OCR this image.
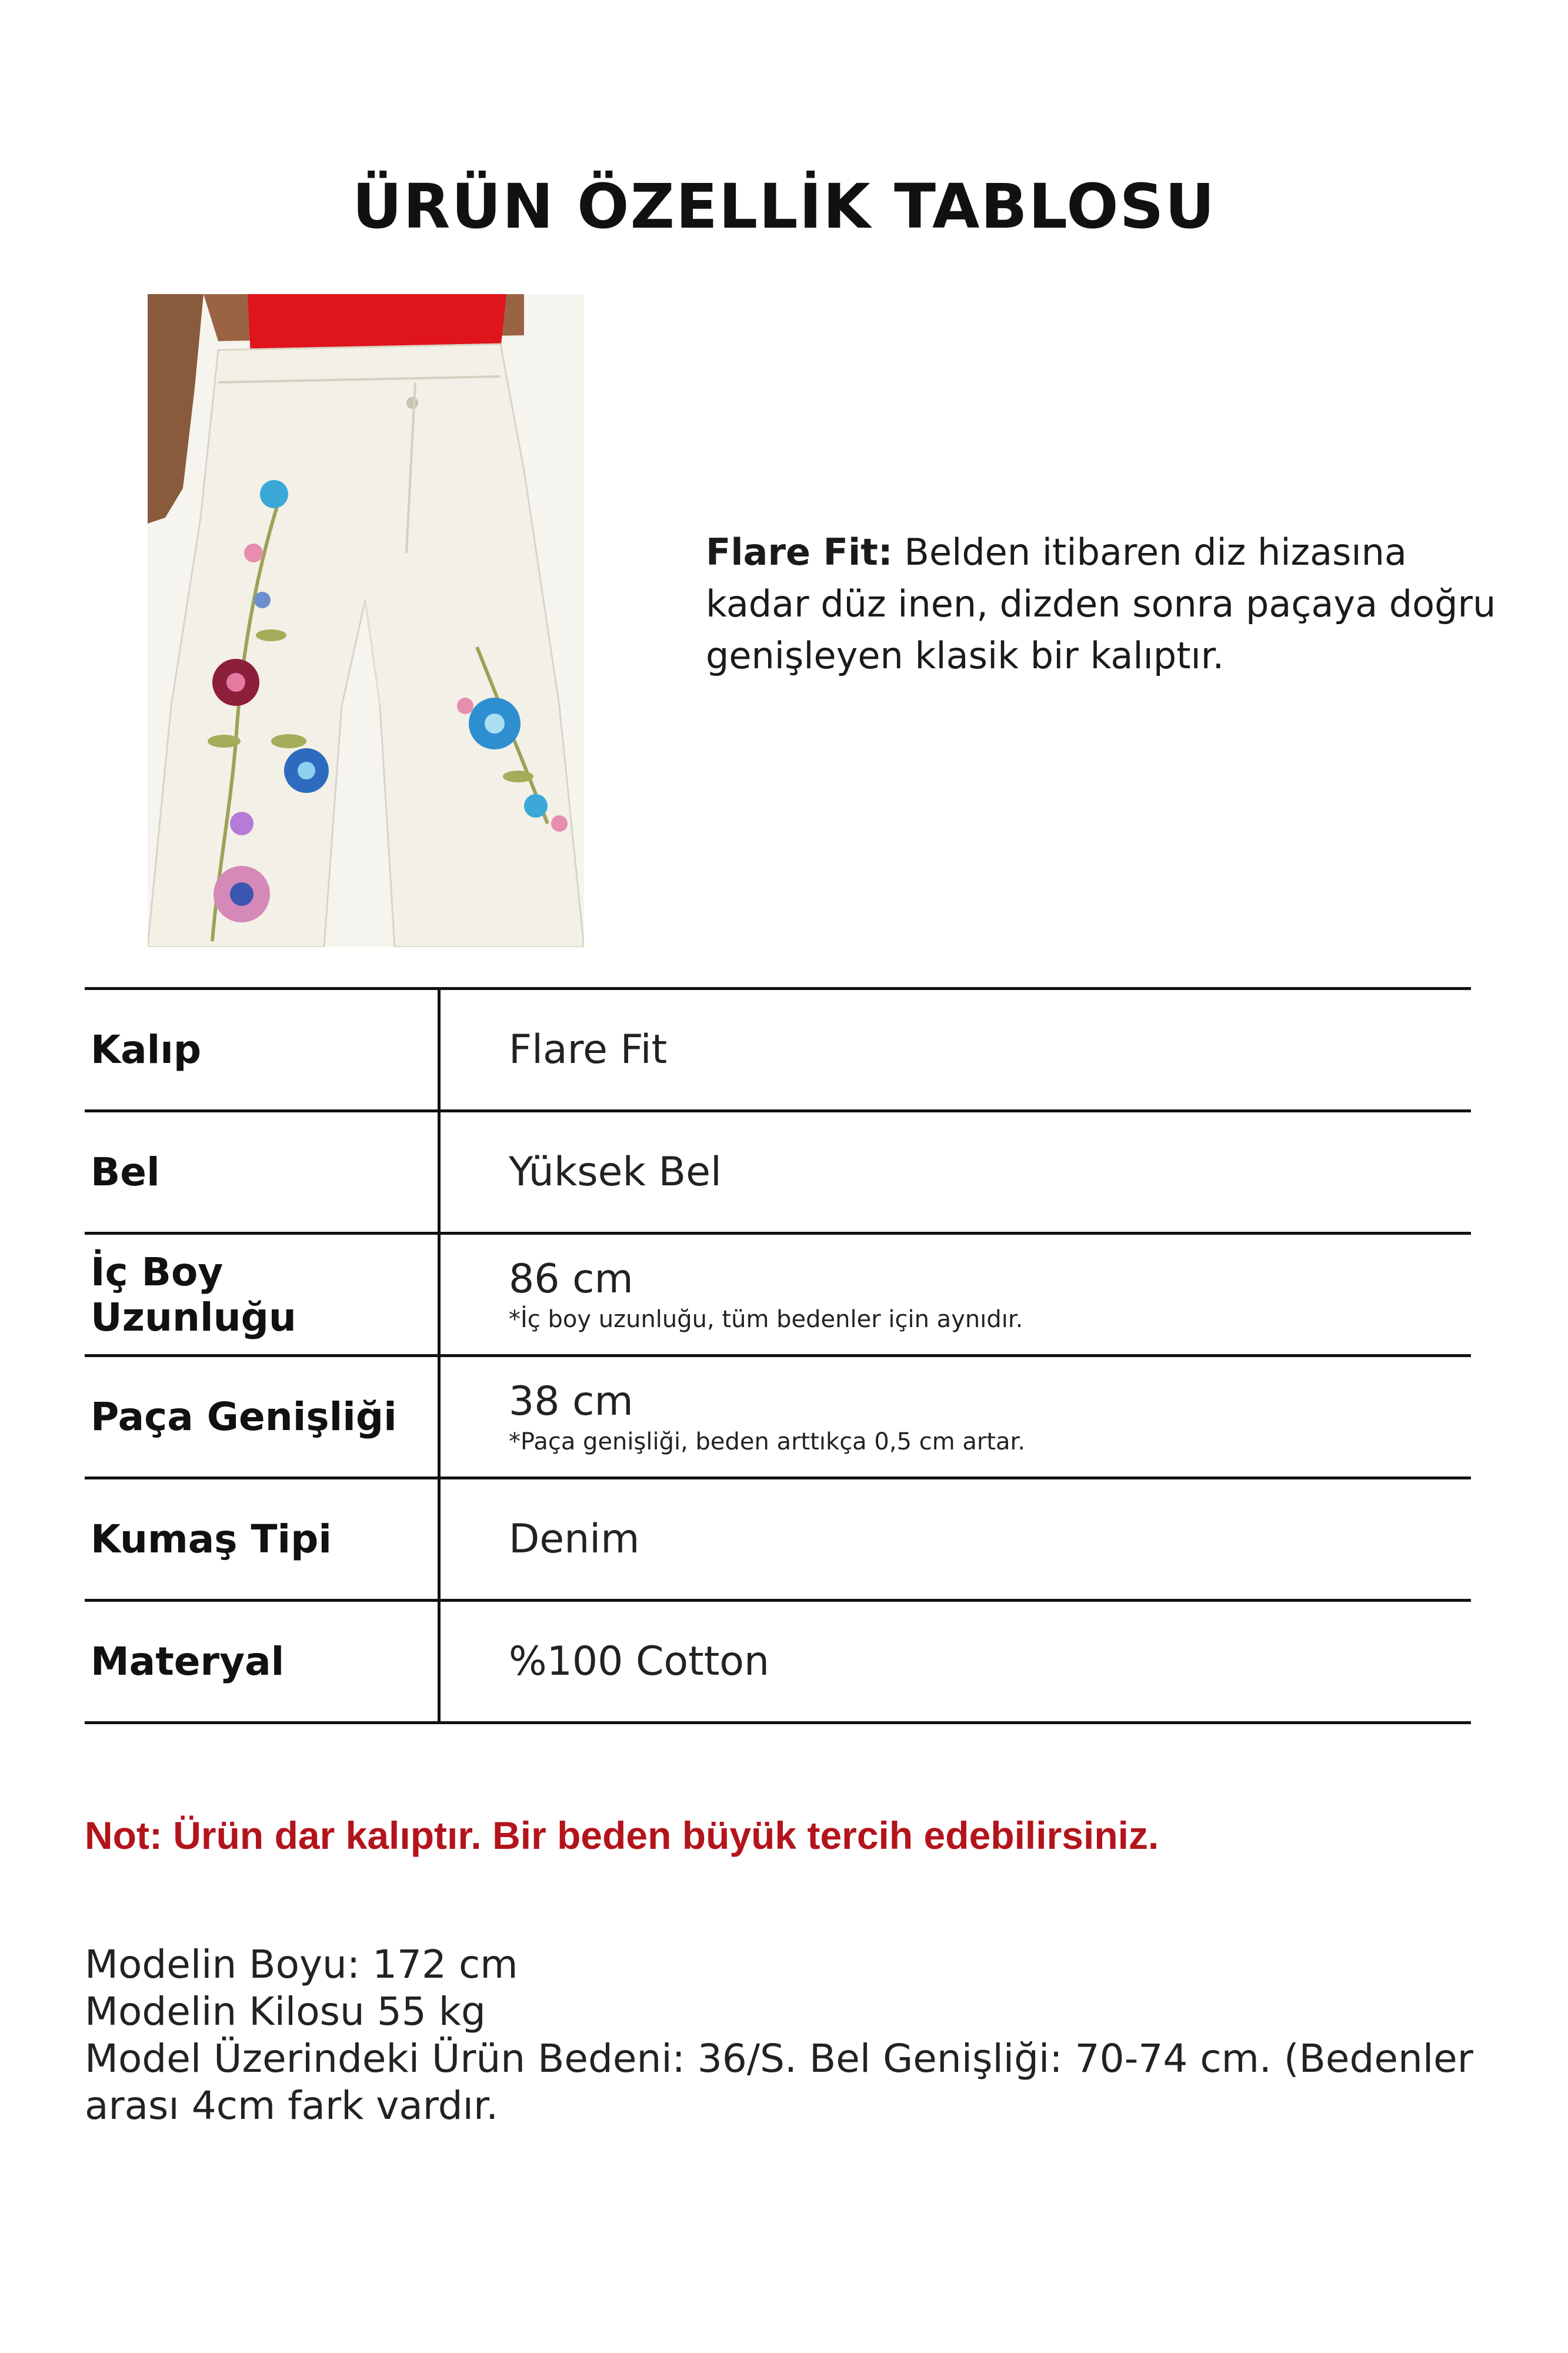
ÜRÜN ÖZELLİK TABLOSU
Flare Fit: Belden itibaren diz hizasına kadar düz inen, dizden sonra paçaya doğru genişleyen klasik bir kalıptır.
Kalıp	Flare Fit
Bel	Yüksek Bel
İç Boy Uzunluğu	86 cm
*İç boy uzunluğu, tüm bedenler için aynıdır.

Paça Genişliği	38 cm
*Paça genişliği, beden arttıkça 0,5 cm artar.

Kumaş Tipi	Denim
Materyal	%100 Cotton
Not: Ürün dar kalıptır. Bir beden büyük tercih edebilirsiniz.
Modelin Boyu: 172 cm
Modelin Kilosu 55 kg
Model Üzerindeki Ürün Bedeni: 36/S. Bel Genişliği: 70-74 cm. (Bedenler arası 4cm fark vardır.
